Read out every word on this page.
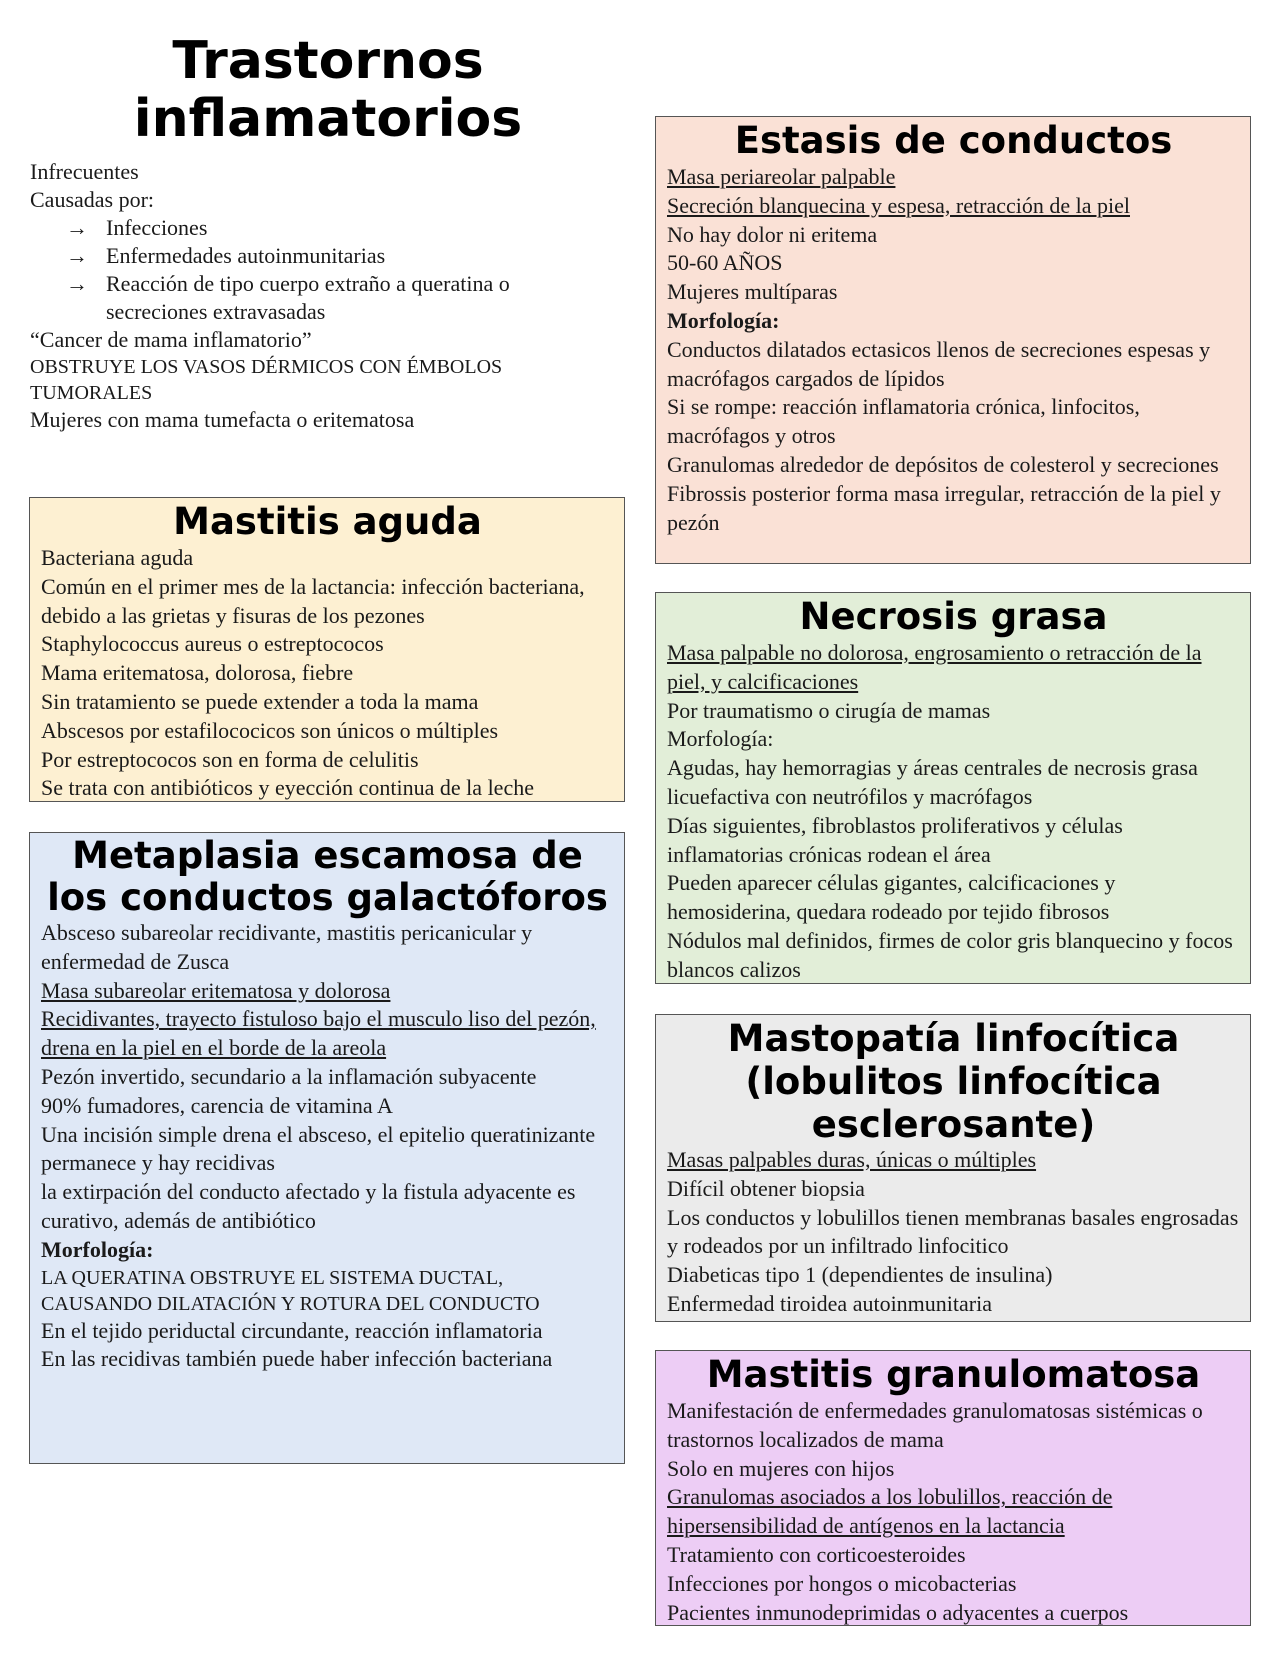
Trastornos
inflamatorios
Infrecuentes
Causadas por:
→ Infecciones
→ Enfermedades autoinmunitarias
→ Reacción de tipo cuerpo extraño a queratina o secreciones extravasadas
“Cancer de mama inflamatorio”
OBSTRUYE LOS VASOS DÉRMICOS CON ÉMBOLOS TUMORALES
Mujeres con mama tumefacta o eritematosa
Mastitis aguda

Bacteriana aguda

Común en el primer mes de la lactancia: infección bacteriana, debido a las grietas y fisuras de los pezones

Staphylococcus aureus o estreptococos

Mama eritematosa, dolorosa, fiebre

Sin tratamiento se puede extender a toda la mama

Abscesos por estafilococicos son únicos o múltiples

Por estreptococos son en forma de celulitis

Se trata con antibióticos y eyección continua de la leche

Metaplasia escamosa de los conductos galactóforos

Absceso subareolar recidivante, mastitis pericanicular y enfermedad de Zusca

Masa subareolar eritematosa y dolorosa

Recidivantes, trayecto fistuloso bajo el musculo liso del pezón, drena en la piel en el borde de la areola

Pezón invertido, secundario a la inflamación subyacente

90% fumadores, carencia de vitamina A

Una incisión simple drena el absceso, el epitelio queratinizante permanece y hay recidivas

la extirpación del conducto afectado y la fistula adyacente es curativo, además de antibiótico

Morfología:

LA QUERATINA OBSTRUYE EL SISTEMA DUCTAL, CAUSANDO DILATACIÓN Y ROTURA DEL CONDUCTO

En el tejido periductal circundante, reacción inflamatoria

En las recidivas también puede haber infección bacteriana

Estasis de conductos

Masa periareolar palpable

Secreción blanquecina y espesa, retracción de la piel

No hay dolor ni eritema

50-60 AÑOS

Mujeres multíparas

Morfología:

Conductos dilatados ectasicos llenos de secreciones espesas y macrófagos cargados de lípidos

Si se rompe: reacción inflamatoria crónica, linfocitos, macrófagos y otros

Granulomas alrededor de depósitos de colesterol y secreciones

Fibrossis posterior forma masa irregular, retracción de la piel y pezón

Necrosis grasa

Masa palpable no dolorosa, engrosamiento o retracción de la piel, y calcificaciones

Por traumatismo o cirugía de mamas

Morfología:

Agudas, hay hemorragias y áreas centrales de necrosis grasa licuefactiva con neutrófilos y macrófagos

Días siguientes, fibroblastos proliferativos y células inflamatorias crónicas rodean el área

Pueden aparecer células gigantes, calcificaciones y hemosiderina, quedara rodeado por tejido fibrosos

Nódulos mal definidos, firmes de color gris blanquecino y focos blancos calizos

Mastopatía linfocítica (lobulitos linfocítica esclerosante)

Masas palpables duras, únicas o múltiples

Difícil obtener biopsia

Los conductos y lobulillos tienen membranas basales engrosadas y rodeados por un infiltrado linfocitico

Diabeticas tipo 1 (dependientes de insulina)

Enfermedad tiroidea autoinmunitaria

Mastitis granulomatosa

Manifestación de enfermedades granulomatosas sistémicas o trastornos localizados de mama

Solo en mujeres con hijos

Granulomas asociados a los lobulillos, reacción de hipersensibilidad de antígenos en la lactancia

Tratamiento con corticoesteroides

Infecciones por hongos o micobacterias

Pacientes inmunodeprimidas o adyacentes a cuerpos
